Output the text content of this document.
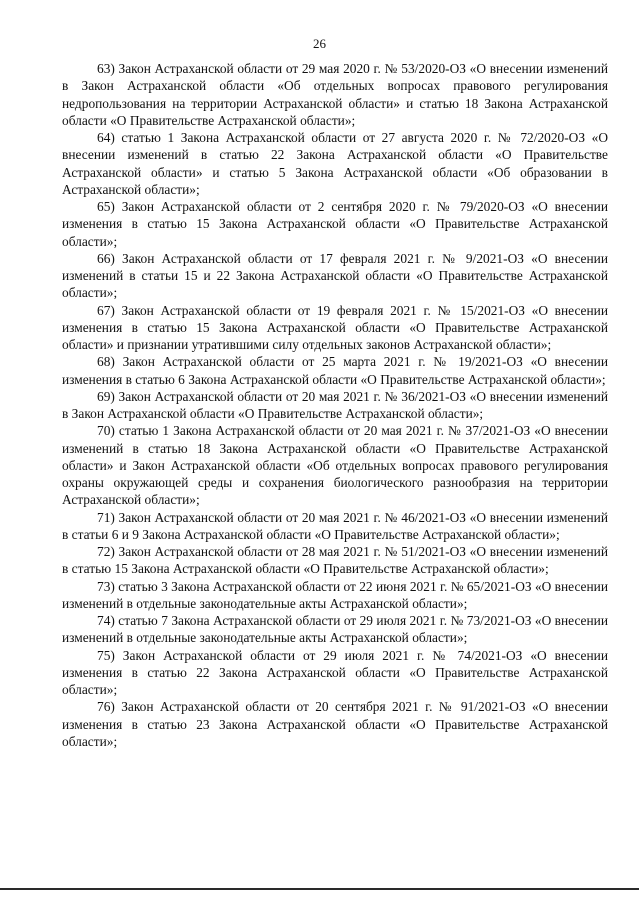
26

63) Закон Астраханской области от 29 мая 2020 г. № 53/2020-ОЗ «О внесении изменений в Закон Астраханской области «Об отдельных вопросах правового регулирования недропользования на территории Астраханской области» и статью 18 Закона Астраханской области «О Правительстве Астраханской области»;

64) статью 1 Закона Астраханской области от 27 августа 2020 г. № 72/2020-ОЗ «О внесении изменений в статью 22 Закона Астраханской области «О Правительстве Астраханской области» и статью 5 Закона Астраханской области «Об образовании в Астраханской области»;

65) Закон Астраханской области от 2 сентября 2020 г. № 79/2020-ОЗ «О внесении изменения в статью 15 Закона Астраханской области «О Правительстве Астраханской области»;

66) Закон Астраханской области от 17 февраля 2021 г. № 9/2021-ОЗ «О внесении изменений в статьи 15 и 22 Закона Астраханской области «О Правительстве Астраханской области»;

67) Закон Астраханской области от 19 февраля 2021 г. № 15/2021-ОЗ «О внесении изменения в статью 15 Закона Астраханской области «О Правительстве Астраханской области» и признании утратившими силу отдельных законов Астраханской области»;

68) Закон Астраханской области от 25 марта 2021 г. № 19/2021-ОЗ «О внесении изменения в статью 6 Закона Астраханской области «О Правительстве Астраханской области»;

69) Закон Астраханской области от 20 мая 2021 г. № 36/2021-ОЗ «О внесении изменений в Закон Астраханской области «О Правительстве Астраханской области»;

70) статью 1 Закона Астраханской области от 20 мая 2021 г. № 37/2021-ОЗ «О внесении изменений в статью 18 Закона Астраханской области «О Правительстве Астраханской области» и Закон Астраханской области «Об отдельных вопросах правового регулирования охраны окружающей среды и сохранения биологического разнообразия на территории Астраханской области»;

71) Закон Астраханской области от 20 мая 2021 г. № 46/2021-ОЗ «О внесении изменений в статьи 6 и 9 Закона Астраханской области «О Правительстве Астраханской области»;

72) Закон Астраханской области от 28 мая 2021 г. № 51/2021-ОЗ «О внесении изменений в статью 15 Закона Астраханской области «О Правительстве Астраханской области»;

73) статью 3 Закона Астраханской области от 22 июня 2021 г. № 65/2021-ОЗ «О внесении изменений в отдельные законодательные акты Астраханской области»;

74) статью 7 Закона Астраханской области от 29 июля 2021 г. № 73/2021-ОЗ «О внесении изменений в отдельные законодательные акты Астраханской области»;

75) Закон Астраханской области от 29 июля 2021 г. № 74/2021-ОЗ «О внесении изменения в статью 22 Закона Астраханской области «О Правительстве Астраханской области»;

76) Закон Астраханской области от 20 сентября 2021 г. № 91/2021-ОЗ «О внесении изменения в статью 23 Закона Астраханской области «О Правительстве Астраханской области»;
